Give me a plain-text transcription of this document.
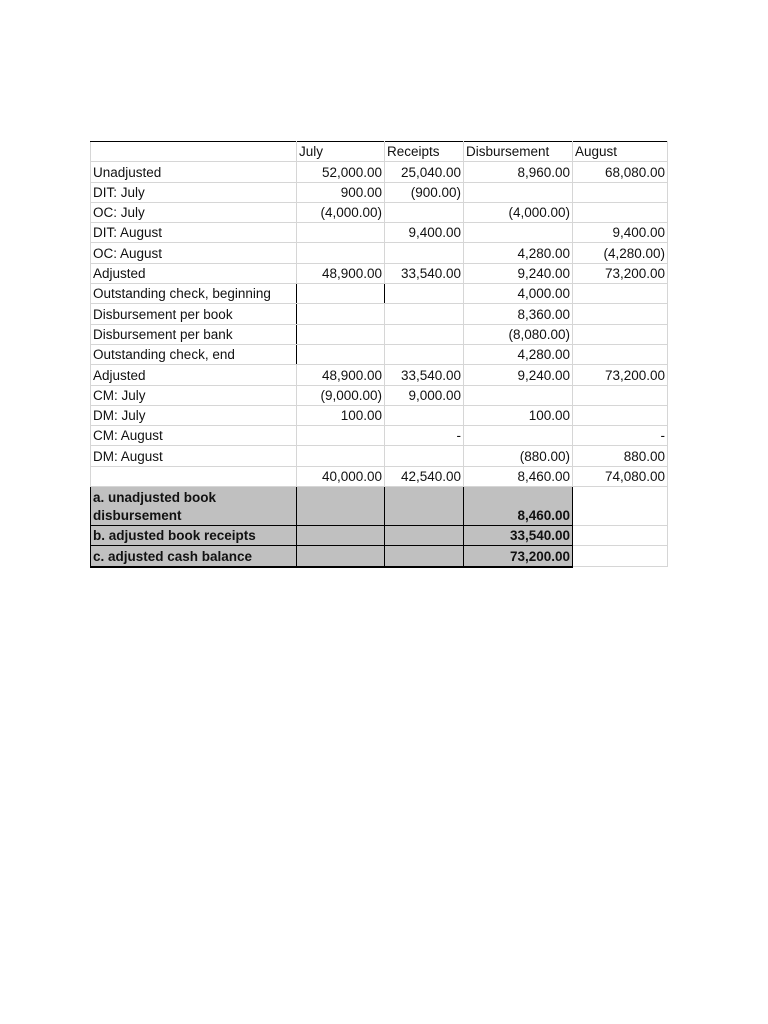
	July	Receipts	Disbursement	August
Unadjusted	52,000.00	25,040.00	8,960.00	68,080.00
DIT: July	900.00	(900.00)		
OC: July	(4,000.00)		(4,000.00)	
DIT: August		9,400.00		9,400.00
OC: August			4,280.00	(4,280.00)
Adjusted	48,900.00	33,540.00	9,240.00	73,200.00
Outstanding check, beginning			4,000.00	
Disbursement per book			8,360.00	
Disbursement per bank			(8,080.00)	
Outstanding check, end			4,280.00	
Adjusted	48,900.00	33,540.00	9,240.00	73,200.00
CM: July	(9,000.00)	9,000.00		
DM: July	100.00		100.00	
CM: August		-		-
DM: August			(880.00)	880.00
	40,000.00	42,540.00	8,460.00	74,080.00
a. unadjusted book disbursement			8,460.00	
b. adjusted book receipts			33,540.00	
c. adjusted cash balance			73,200.00	
